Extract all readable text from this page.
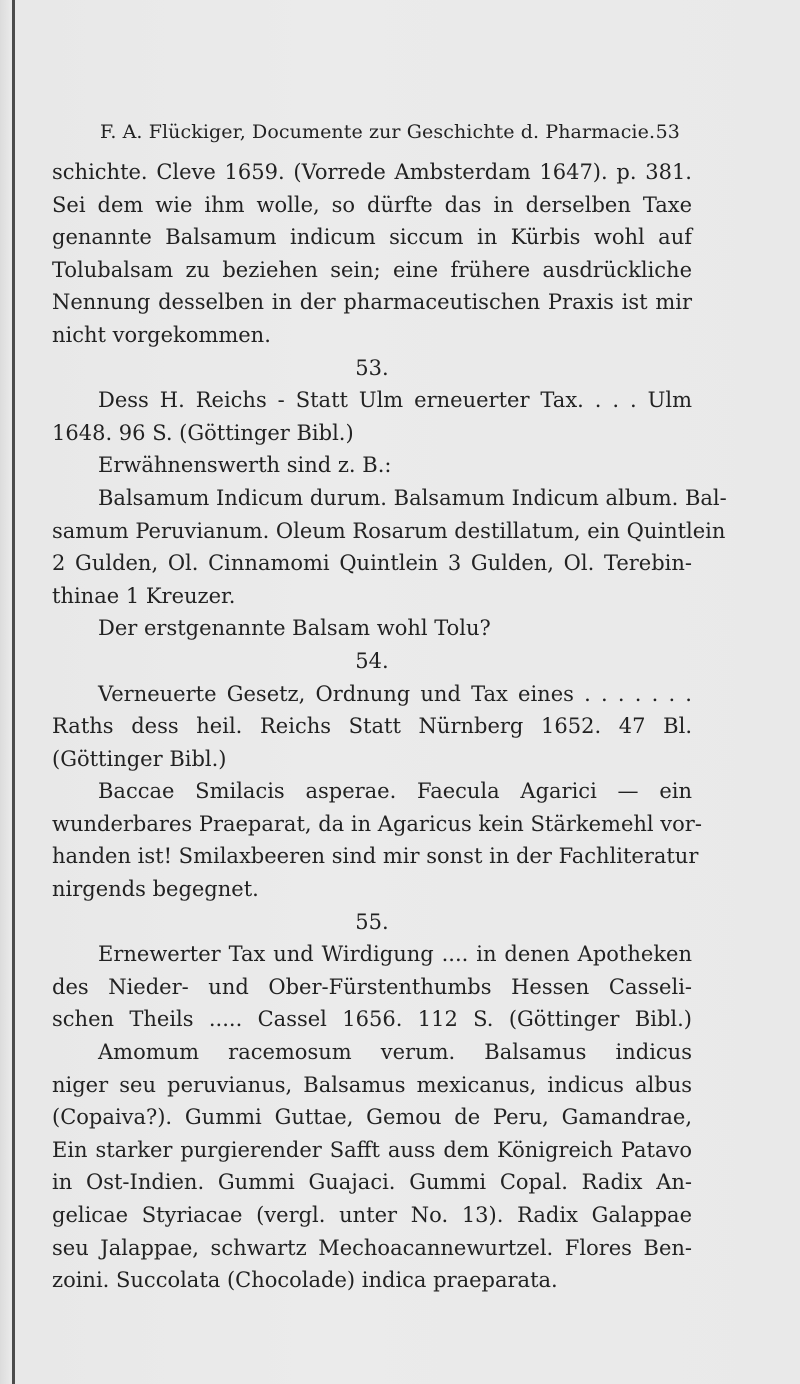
F. A. Flückiger, Documente zur Geschichte d. Pharmacie. 53
schichte. Cleve 1659. (Vorrede Ambsterdam 1647). p. 381.
Sei dem wie ihm wolle, so dürfte das in derselben Taxe
genannte Balsamum indicum siccum in Kürbis wohl auf
Tolubalsam zu beziehen sein; eine frühere ausdrückliche
Nennung desselben in der pharmaceutischen Praxis ist mir
nicht vorgekommen.
53.
Dess H. Reichs - Statt Ulm erneuerter Tax. . . . Ulm
1648. 96 S. (Göttinger Bibl.)
Erwähnenswerth sind z. B.:
Balsamum Indicum durum. Balsamum Indicum album. Bal-
samum Peruvianum. Oleum Rosarum destillatum, ein Quintlein
2 Gulden, Ol. Cinnamomi Quintlein 3 Gulden, Ol. Terebin-
thinae 1 Kreuzer.
Der erstgenannte Balsam wohl Tolu?
54.
Verneuerte Gesetz, Ordnung und Tax eines . . . . . . .
Raths dess heil. Reichs Statt Nürnberg 1652. 47 Bl.
(Göttinger Bibl.)
Baccae Smilacis asperae. Faecula Agarici — ein
wunderbares Praeparat, da in Agaricus kein Stärkemehl vor-
handen ist! Smilaxbeeren sind mir sonst in der Fachliteratur
nirgends begegnet.
55.
Ernewerter Tax und Wirdigung .... in denen Apotheken
des Nieder- und Ober-Fürstenthumbs Hessen Casseli-
schen Theils ..... Cassel 1656. 112 S. (Göttinger Bibl.)
Amomum racemosum verum. Balsamus indicus
niger seu peruvianus, Balsamus mexicanus, indicus albus
(Copaiva?). Gummi Guttae, Gemou de Peru, Gamandrae,
Ein starker purgierender Safft auss dem Königreich Patavo
in Ost-Indien. Gummi Guajaci. Gummi Copal. Radix An-
gelicae Styriacae (vergl. unter No. 13). Radix Galappae
seu Jalappae, schwartz Mechoacannewurtzel. Flores Ben-
zoini. Succolata (Chocolade) indica praeparata.
